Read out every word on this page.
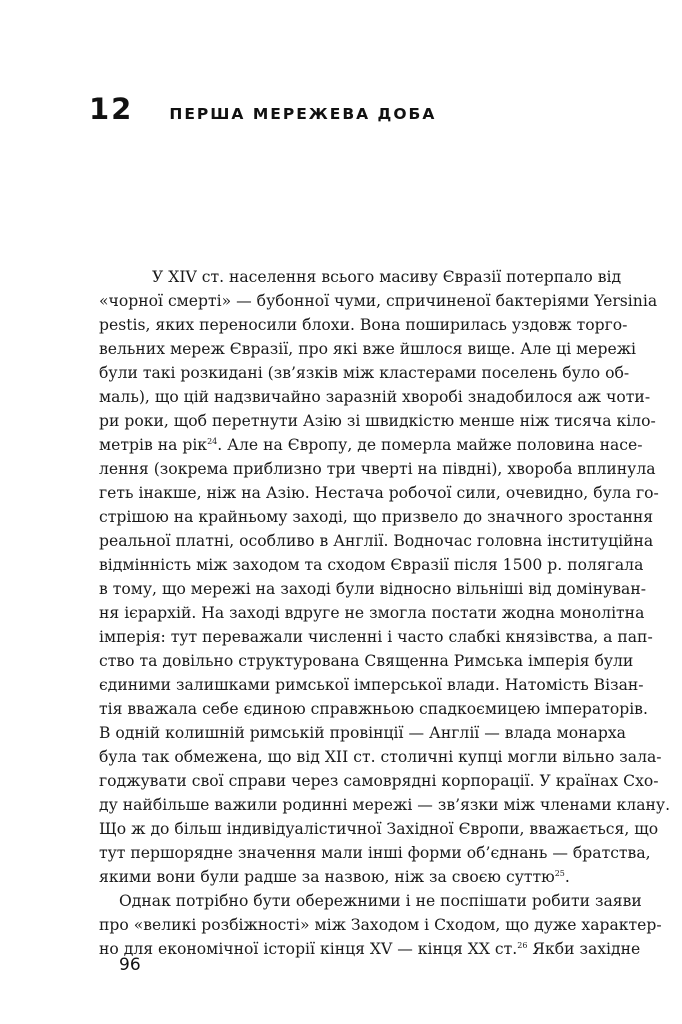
12 ПЕРША МЕРЕЖЕВА ДОБА
У XIV ст. населення всього масиву Євразії потерпало від
«чорної смерті» — бубонної чуми, спричиненої бактеріями Yersinia
pestis, яких переносили блохи. Вона поширилась уздовж торго-
вельних мереж Євразії, про які вже йшлося вище. Але ці мережі
були такі розкидані (зв’язків між кластерами поселень було об-
маль), що цій надзвичайно заразній хворобі знадобилося аж чоти-
ри роки, щоб перетнути Азію зі швидкістю менше ніж тисяча кіло-
метрів на рік$^{24}$. Але на Європу, де померла майже половина насе-
лення (зокрема приблизно три чверті на півдні), хвороба вплинула
геть інакше, ніж на Азію. Нестача робочої сили, очевидно, була го-
стрішою на крайньому заході, що призвело до значного зростання
реальної платні, особливо в Англії. Водночас головна інституційна
відмінність між заходом та сходом Євразії після 1500 р. полягала
в тому, що мережі на заході були відносно вільніші від домінуван-
ня ієрархій. На заході вдруге не змогла постати жодна монолітна
імперія: тут переважали численні і часто слабкі князівства, а пап-
ство та довільно структурована Священна Римська імперія були
єдиними залишками римської імперської влади. Натомість Візан-
тія вважала себе єдиною справжньою спадкоємицею імператорів.
В одній колишній римській провінції — Англії — влада монарха
була так обмежена, що від XII ст. столичні купці могли вільно зала-
годжувати свої справи через самоврядні корпорації. У країнах Схо-
ду найбільше важили родинні мережі — зв’язки між членами клану.
Що ж до більш індивідуалістичної Західної Європи, вважається, що
тут першорядне значення мали інші форми об’єднань — братства,
якими вони були радше за назвою, ніж за своєю суттю$^{25}$.
Однак потрібно бути обережними і не поспішати робити заяви
про «великі розбіжності» між Заходом і Сходом, що дуже характер-
но для економічної історії кінця XV — кінця XX ст.$^{26}$ Якби західне
96
